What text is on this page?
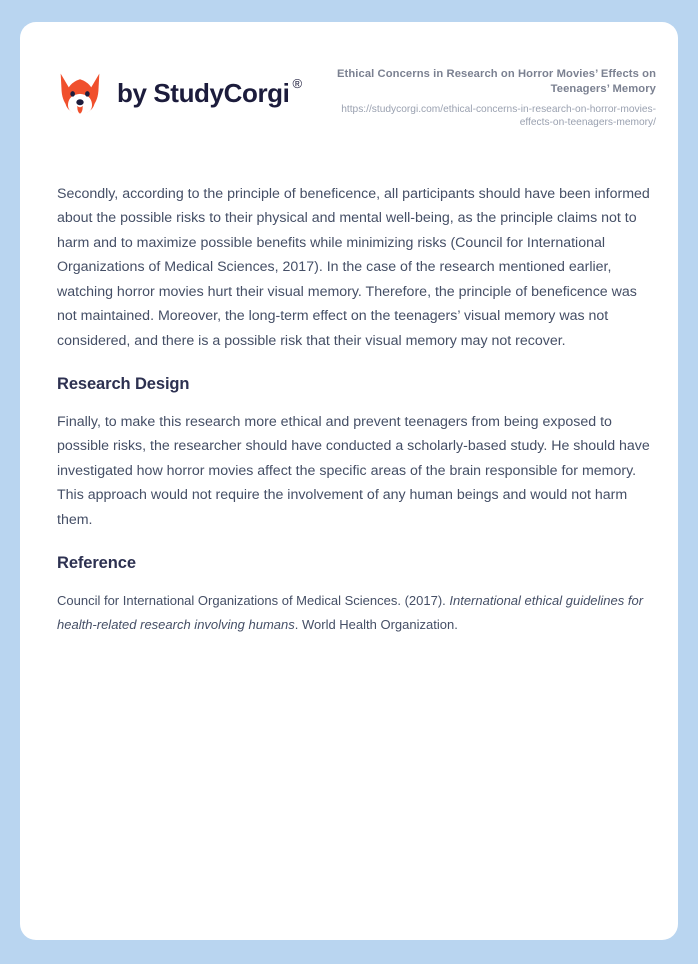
by StudyCorgi ®
Ethical Concerns in Research on Horror Movies’ Effects on Teenagers’ Memory
https://studycorgi.com/ethical-concerns-in-research-on-horror-movies-effects-on-teenagers-memory/

Secondly, according to the principle of beneficence, all participants should have been informed about the possible risks to their physical and mental well-being, as the principle claims not to harm and to maximize possible benefits while minimizing risks (Council for International Organizations of Medical Sciences, 2017). In the case of the research mentioned earlier, watching horror movies hurt their visual memory. Therefore, the principle of beneficence was not maintained. Moreover, the long-term effect on the teenagers’ visual memory was not considered, and there is a possible risk that their visual memory may not recover.

Research Design

Finally, to make this research more ethical and prevent teenagers from being exposed to possible risks, the researcher should have conducted a scholarly-based study. He should have investigated how horror movies affect the specific areas of the brain responsible for memory. This approach would not require the involvement of any human beings and would not harm them.

Reference

Council for International Organizations of Medical Sciences. (2017). International ethical guidelines for health-related research involving humans. World Health Organization.
